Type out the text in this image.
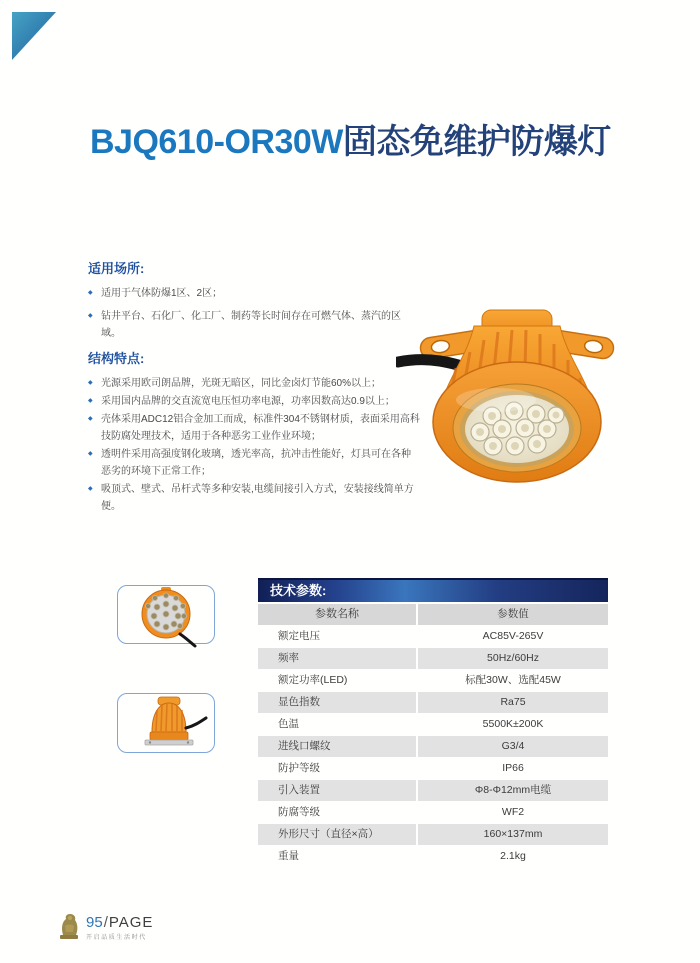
BJQ610-OR30W固态免维护防爆灯
适用场所:
◆ 适用于气体防爆1区、2区；
◆ 钻井平台、石化厂、化工厂、制药等长时间存在可燃气体、蒸汽的区域。
结构特点:
◆ 光源采用欧司朗品牌，光斑无暗区，同比金卤灯节能60%以上；
◆ 采用国内品牌的交直流宽电压恒功率电源，功率因数高达0.9以上；
◆ 壳体采用ADC12铝合金加工而成，标准件304不锈钢材质，表面采用高科技防腐处理技术，适用于各种恶劣工业作业环境；
◆ 透明件采用高强度钢化玻璃，透光率高，抗冲击性能好，灯具可在各种恶劣的环境下正常工作；
◆ 吸顶式、壁式、吊杆式等多种安装,电缆间接引入方式，安装接线简单方便。
技术参数:
参数名称	参数值
额定电压	AC85V-265V
频率	50Hz/60Hz
额定功率(LED)	标配30W、选配45W
显色指数	Ra75
色温	5500K±200K
进线口螺纹	G3/4
防护等级	IP66
引入装置	Φ8-Φ12mm电缆
防腐等级	WF2
外形尺寸（直径×高）	160×137mm
重量	2.1kg
95/PAGE
开启品质生活时代
